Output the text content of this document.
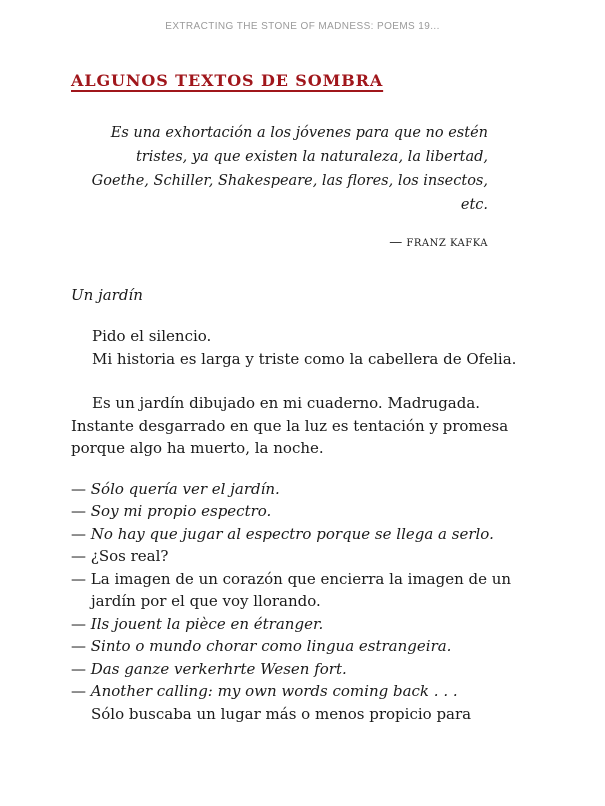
EXTRACTING THE STONE OF MADNESS: POEMS 19...
ALGUNOS TEXTOS DE SOMBRA
Es una exhortación a los jóvenes para que no estén
tristes, ya que existen la naturaleza, la libertad,
Goethe, Schiller, Shakespeare, las flores, los insectos,
etc.
— FRANZ KAFKA

Un jardín

Pido el silencio.

Mi historia es larga y triste como la cabellera de Ofelia.

Es un jardín dibujado en mi cuaderno. Madrugada.

Instante desgarrado en que la luz es tentación y promesa

porque algo ha muerto, la noche.

— Sólo quería ver el jardín.
— Soy mi propio espectro.
— No hay que jugar al espectro porque se llega a serlo.
— ¿Sos real?
— La imagen de un corazón que encierra la imagen de un jardín por el que voy llorando.
— Ils jouent la pièce en étranger.
— Sinto o mundo chorar como lingua estrangeira.
— Das ganze verkerhrte Wesen fort.
— Another calling: my own words coming back . . .

Sólo buscaba un lugar más o menos propicio para
